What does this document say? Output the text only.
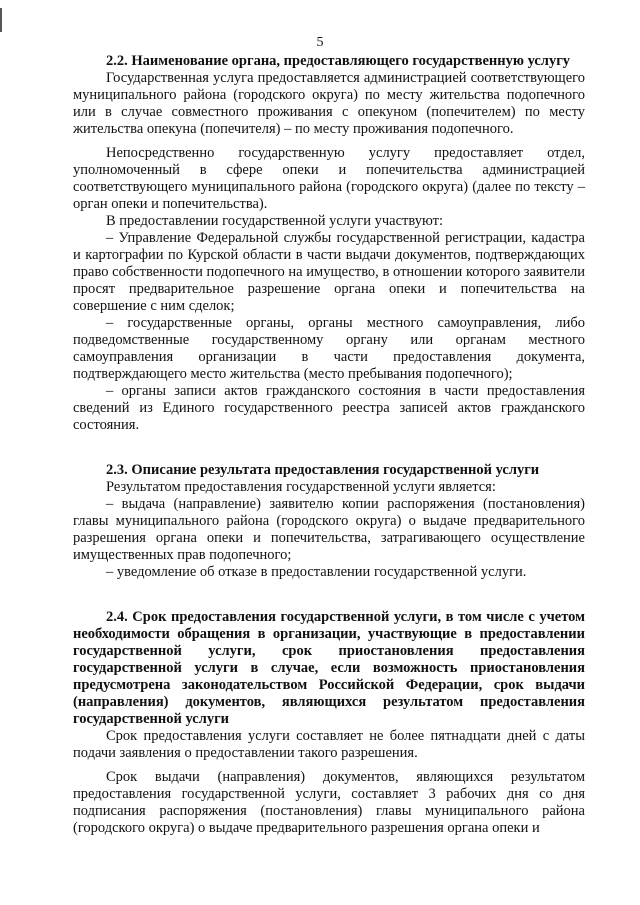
5

2.2. Наименование органа, предоставляющего государственную услугу

Государственная услуга предоставляется администрацией соответствующего муниципального района (городского округа) по месту жительства подопечного или в случае совместного проживания с опекуном (попечителем) по месту жительства опекуна (попечителя) – по месту проживания подопечного.

Непосредственно государственную услугу предоставляет отдел, уполномоченный в сфере опеки и попечительства администрацией соответствующего муниципального района (городского округа) (далее по тексту – орган опеки и попечительства).

В предоставлении государственной услуги участвуют:

– Управление Федеральной службы государственной регистрации, кадастра и картографии по Курской области в части выдачи документов, подтверждающих право собственности подопечного на имущество, в отношении которого заявители просят предварительное разрешение органа опеки и попечительства на совершение с ним сделок;

– государственные органы, органы местного самоуправления, либо подведомственные государственному органу или органам местного самоуправления организации в части предоставления документа, подтверждающего место жительства (место пребывания подопечного);

– органы записи актов гражданского состояния в части предоставления сведений из Единого государственного реестра записей актов гражданского состояния.

2.3. Описание результата предоставления государственной услуги

Результатом предоставления государственной услуги является:

– выдача (направление) заявителю копии распоряжения (постановления) главы муниципального района (городского округа) о выдаче предварительного разрешения органа опеки и попечительства, затрагивающего осуществление имущественных прав подопечного;

– уведомление об отказе в предоставлении государственной услуги.

2.4. Срок предоставления государственной услуги, в том числе с учетом необходимости обращения в организации, участвующие в предоставлении государственной услуги, срок приостановления предоставления государственной услуги в случае, если возможность приостановления предусмотрена законодательством Российской Федерации, срок выдачи (направления) документов, являющихся результатом предоставления государственной услуги

Срок предоставления услуги составляет не более пятнадцати дней с даты подачи заявления о предоставлении такого разрешения.

Срок выдачи (направления) документов, являющихся результатом предоставления государственной услуги, составляет 3 рабочих дня со дня подписания распоряжения (постановления) главы муниципального района (городского округа) о выдаче предварительного разрешения органа опеки и
